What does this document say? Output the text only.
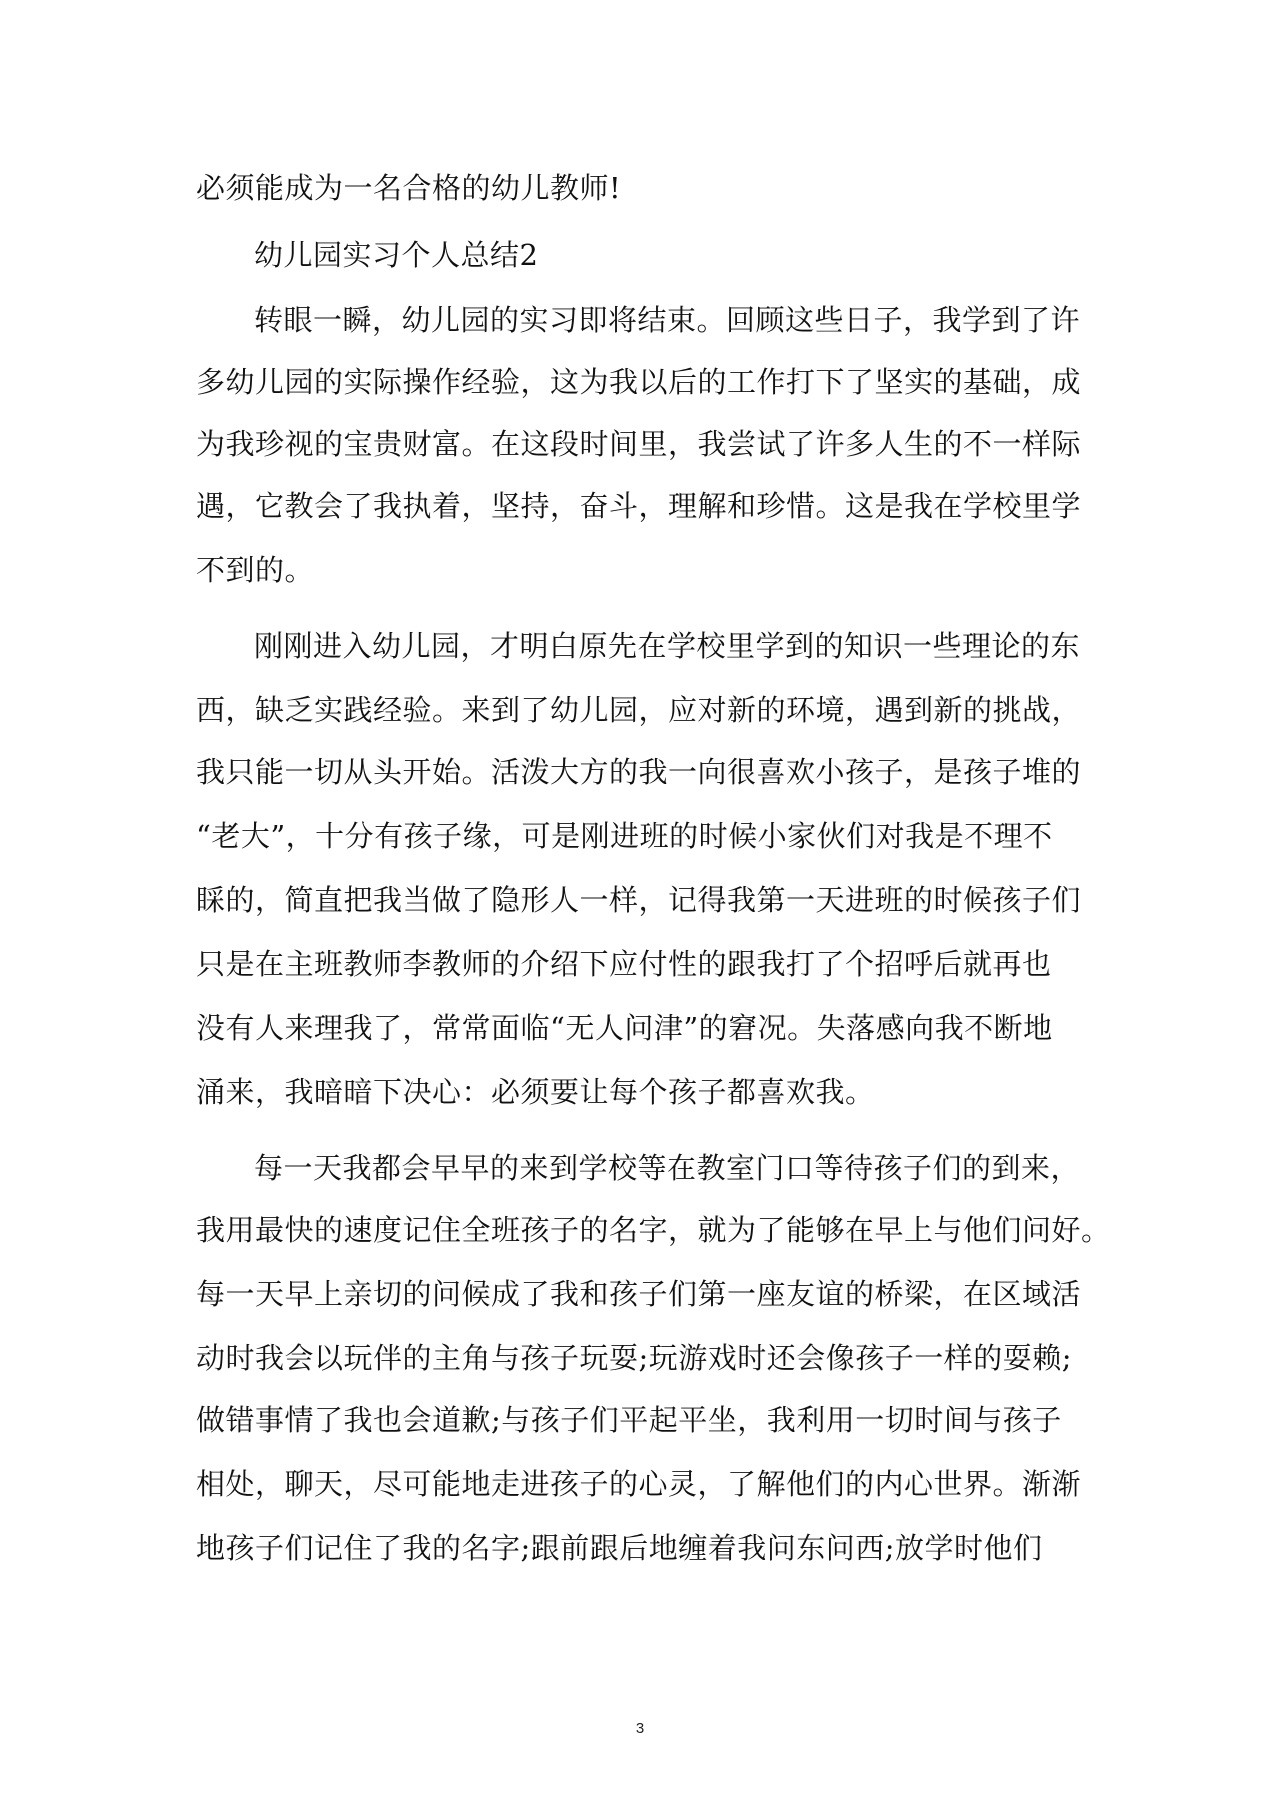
必须能成为一名合格的幼儿教师!
幼儿园实习个人总结2
转眼一瞬，幼儿园的实习即将结束。回顾这些日子，我学到了许
多幼儿园的实际操作经验，这为我以后的工作打下了坚实的基础，成
为我珍视的宝贵财富。在这段时间里，我尝试了许多人生的不一样际
遇，它教会了我执着，坚持，奋斗，理解和珍惜。这是我在学校里学
不到的。
刚刚进入幼儿园，才明白原先在学校里学到的知识一些理论的东
西，缺乏实践经验。来到了幼儿园，应对新的环境，遇到新的挑战，
我只能一切从头开始。活泼大方的我一向很喜欢小孩子，是孩子堆的
“老大”，十分有孩子缘，可是刚进班的时候小家伙们对我是不理不
睬的，简直把我当做了隐形人一样，记得我第一天进班的时候孩子们
只是在主班教师李教师的介绍下应付性的跟我打了个招呼后就再也
没有人来理我了，常常面临“无人问津”的窘况。失落感向我不断地
涌来，我暗暗下决心：必须要让每个孩子都喜欢我。
每一天我都会早早的来到学校等在教室门口等待孩子们的到来，
我用最快的速度记住全班孩子的名字，就为了能够在早上与他们问好。
每一天早上亲切的问候成了我和孩子们第一座友谊的桥梁，在区域活
动时我会以玩伴的主角与孩子玩耍;玩游戏时还会像孩子一样的耍赖;
做错事情了我也会道歉;与孩子们平起平坐，我利用一切时间与孩子
相处，聊天，尽可能地走进孩子的心灵，了解他们的内心世界。渐渐
地孩子们记住了我的名字;跟前跟后地缠着我问东问西;放学时他们
3
